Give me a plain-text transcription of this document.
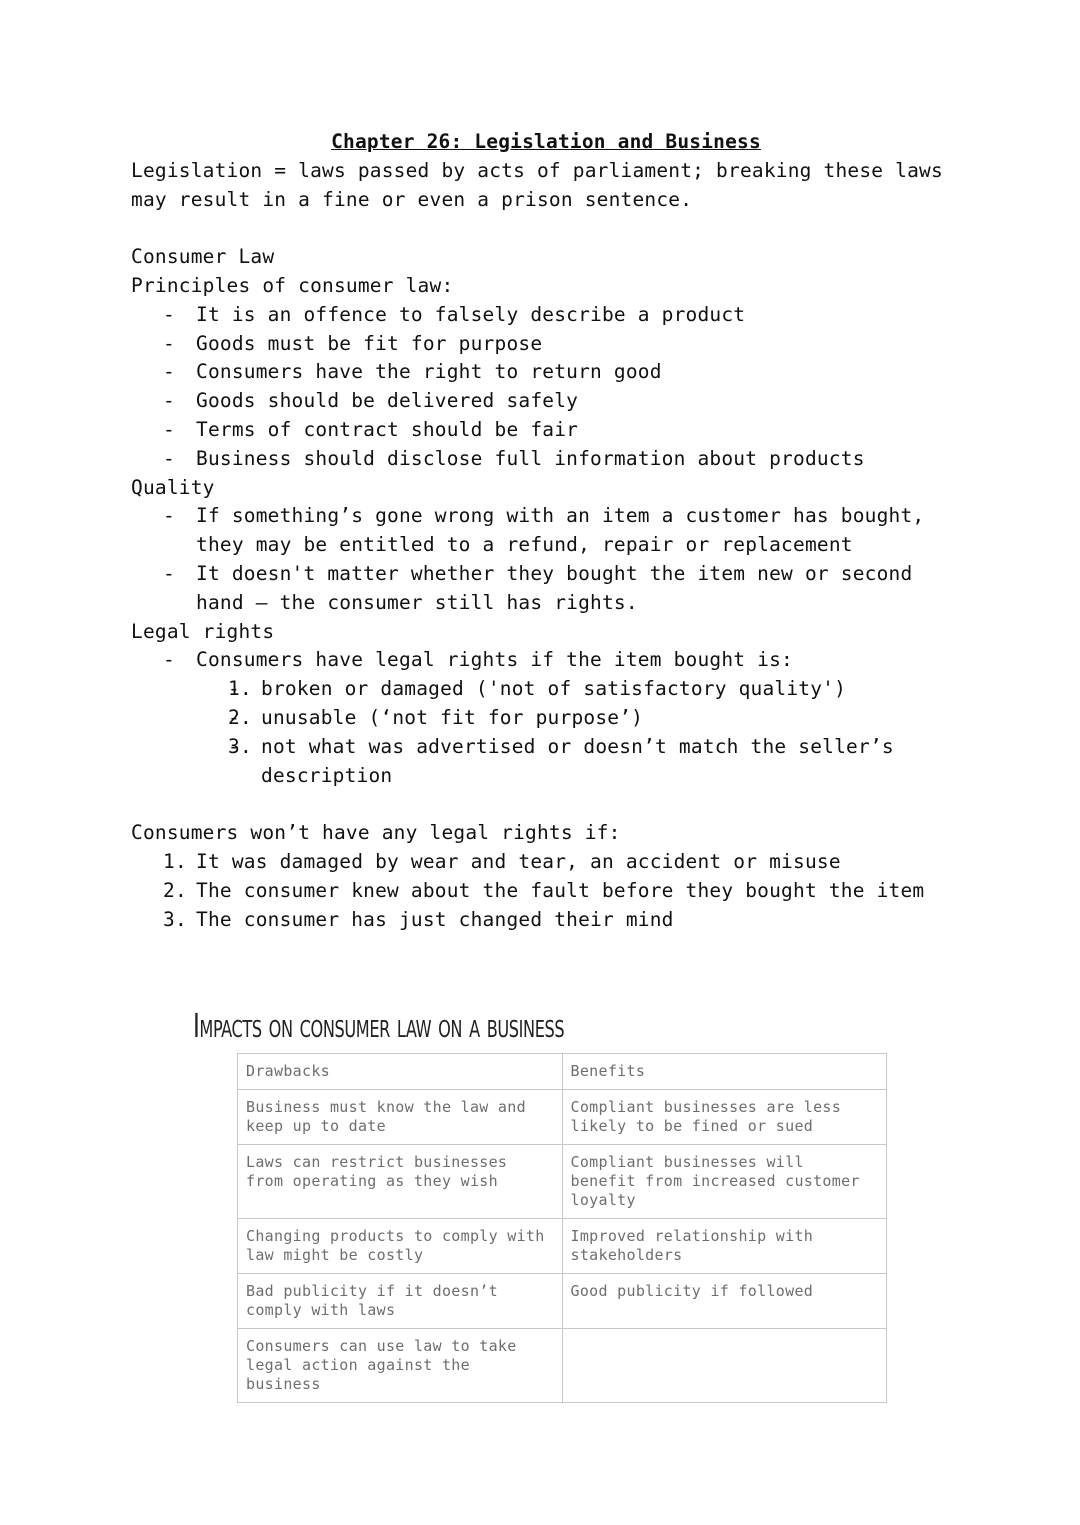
Chapter 26: Legislation and Business

Legislation = laws passed by acts of parliament; breaking these laws may result in a fine or even a prison sentence.

Consumer Law

Principles of consumer law:

- It is an offence to falsely describe a product
- Goods must be fit for purpose
- Consumers have the right to return good
- Goods should be delivered safely
- Terms of contract should be fair
- Business should disclose full information about products

Quality

- If something’s gone wrong with an item a customer has bought, they may be entitled to a refund, repair or replacement
- It doesn't matter whether they bought the item new or second hand – the consumer still has rights.

Legal rights

- Consumers have legal rights if the item bought is:
- 1. broken or damaged ('not of satisfactory quality')
- 2. unusable (‘not fit for purpose’)
- 3. not what was advertised or doesn’t match the seller’s description

Consumers won’t have any legal rights if:

1. It was damaged by wear and tear, an accident or misuse
2. The consumer knew about the fault before they bought the item
3. The consumer has just changed their mind
Impacts on consumer law on a business
Drawbacks	Benefits
Business must know the law and keep up to date	Compliant businesses are less likely to be fined or sued
Laws can restrict businesses from operating as they wish	Compliant businesses will benefit from increased customer loyalty
Changing products to comply with law might be costly	Improved relationship with stakeholders
Bad publicity if it doesn’t comply with laws	Good publicity if followed
Consumers can use law to take legal action against the business	
